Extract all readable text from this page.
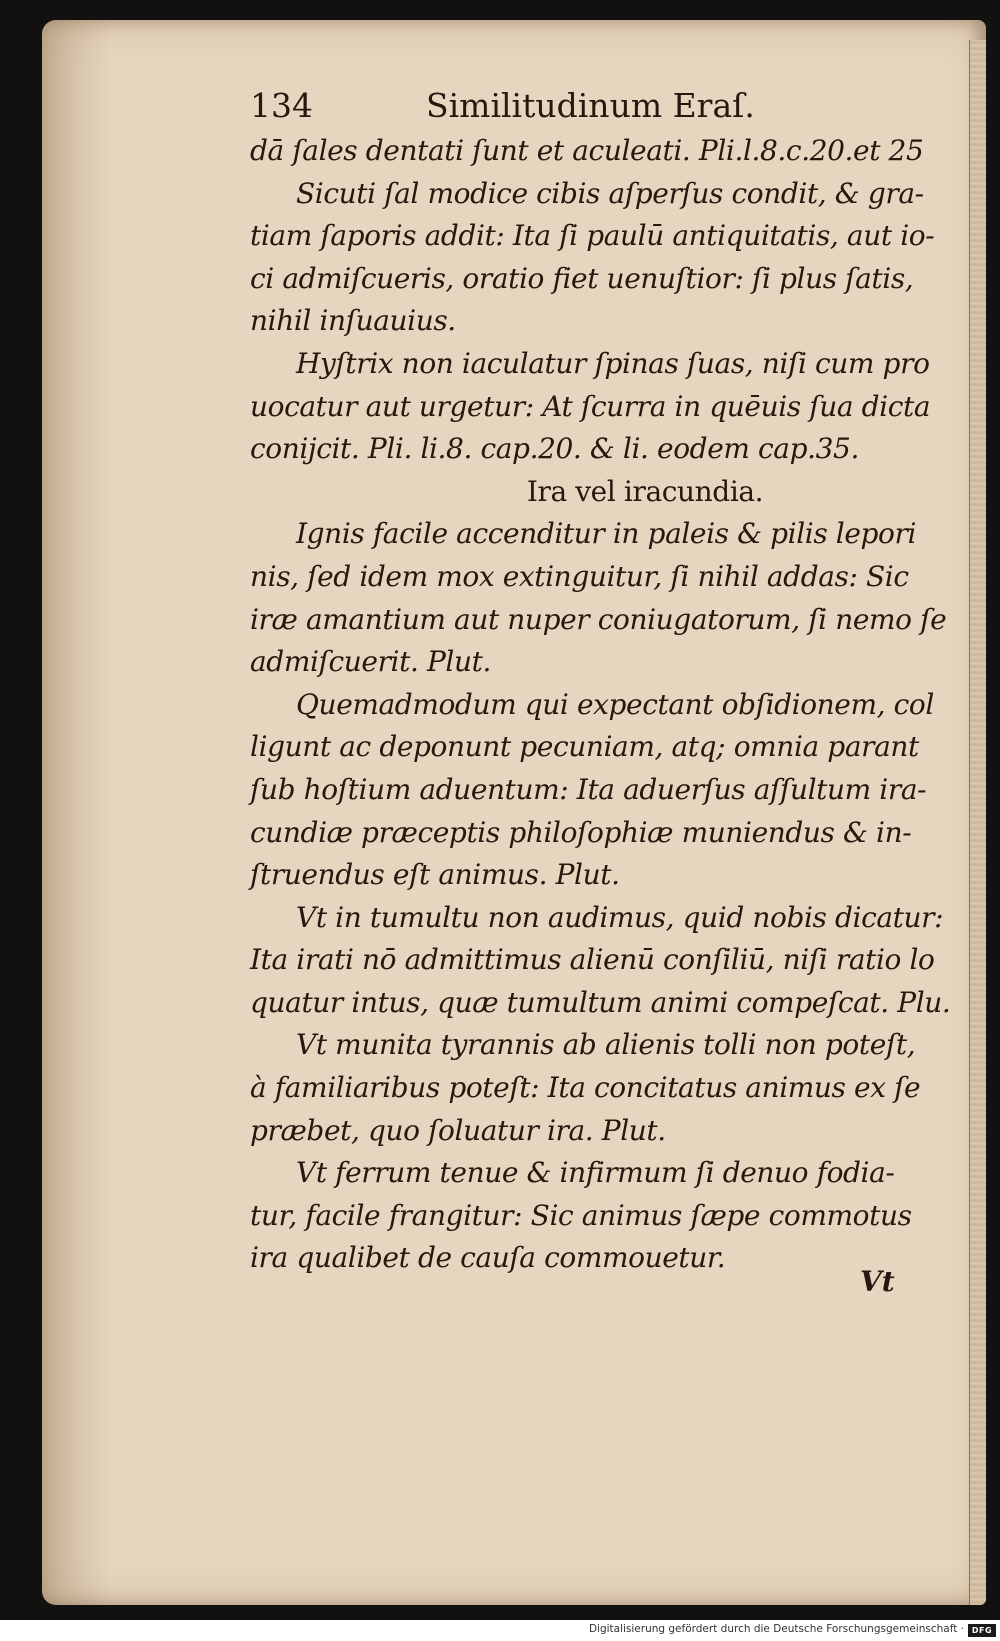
134	Similitudinum Eraſ.
dā ſales dentati ſunt et aculeati. Pli.l.8.c.20.et 25
Sicuti ſal modice cibis aſperſus condit, & gra-
tiam ſaporis addit: Ita ſi paulū antiquitatis, aut io-
ci admiſcueris, oratio fiet uenuſtior: ſi plus ſatis,
nihil inſuauius.
Hyſtrix non iaculatur ſpinas ſuas, niſi cum pro
uocatur aut urgetur: At ſcurra in quēuis ſua dicta
conijcit. Pli. li.8. cap.20. & li. eodem cap.35.
Ira vel iracundia.
Ignis facile accenditur in paleis & pilis lepori
nis, ſed idem mox extinguitur, ſi nihil addas: Sic
iræ amantium aut nuper coniugatorum, ſi nemo ſe
admiſcuerit. Plut.
Quemadmodum qui expectant obſidionem, col
ligunt ac deponunt pecuniam, atq; omnia parant
ſub hoſtium aduentum: Ita aduerſus aſſultum ira-
cundiæ præceptis philoſophiæ muniendus & in-
ſtruendus eſt animus. Plut.
Vt in tumultu non audimus, quid nobis dicatur:
Ita irati nō admittimus alienū conſiliū, niſi ratio lo
quatur intus, quæ tumultum animi compeſcat. Plu.
Vt munita tyrannis ab alienis tolli non poteſt,
à familiaribus poteſt: Ita concitatus animus ex ſe
præbet, quo ſoluatur ira. Plut.
Vt ferrum tenue & infirmum ſi denuo fodia-
tur, facile frangitur: Sic animus ſæpe commotus
ira qualibet de cauſa commouetur.
Vt
Digitalisierung gefördert durch die Deutsche Forschungsgemeinschaft · DFG
